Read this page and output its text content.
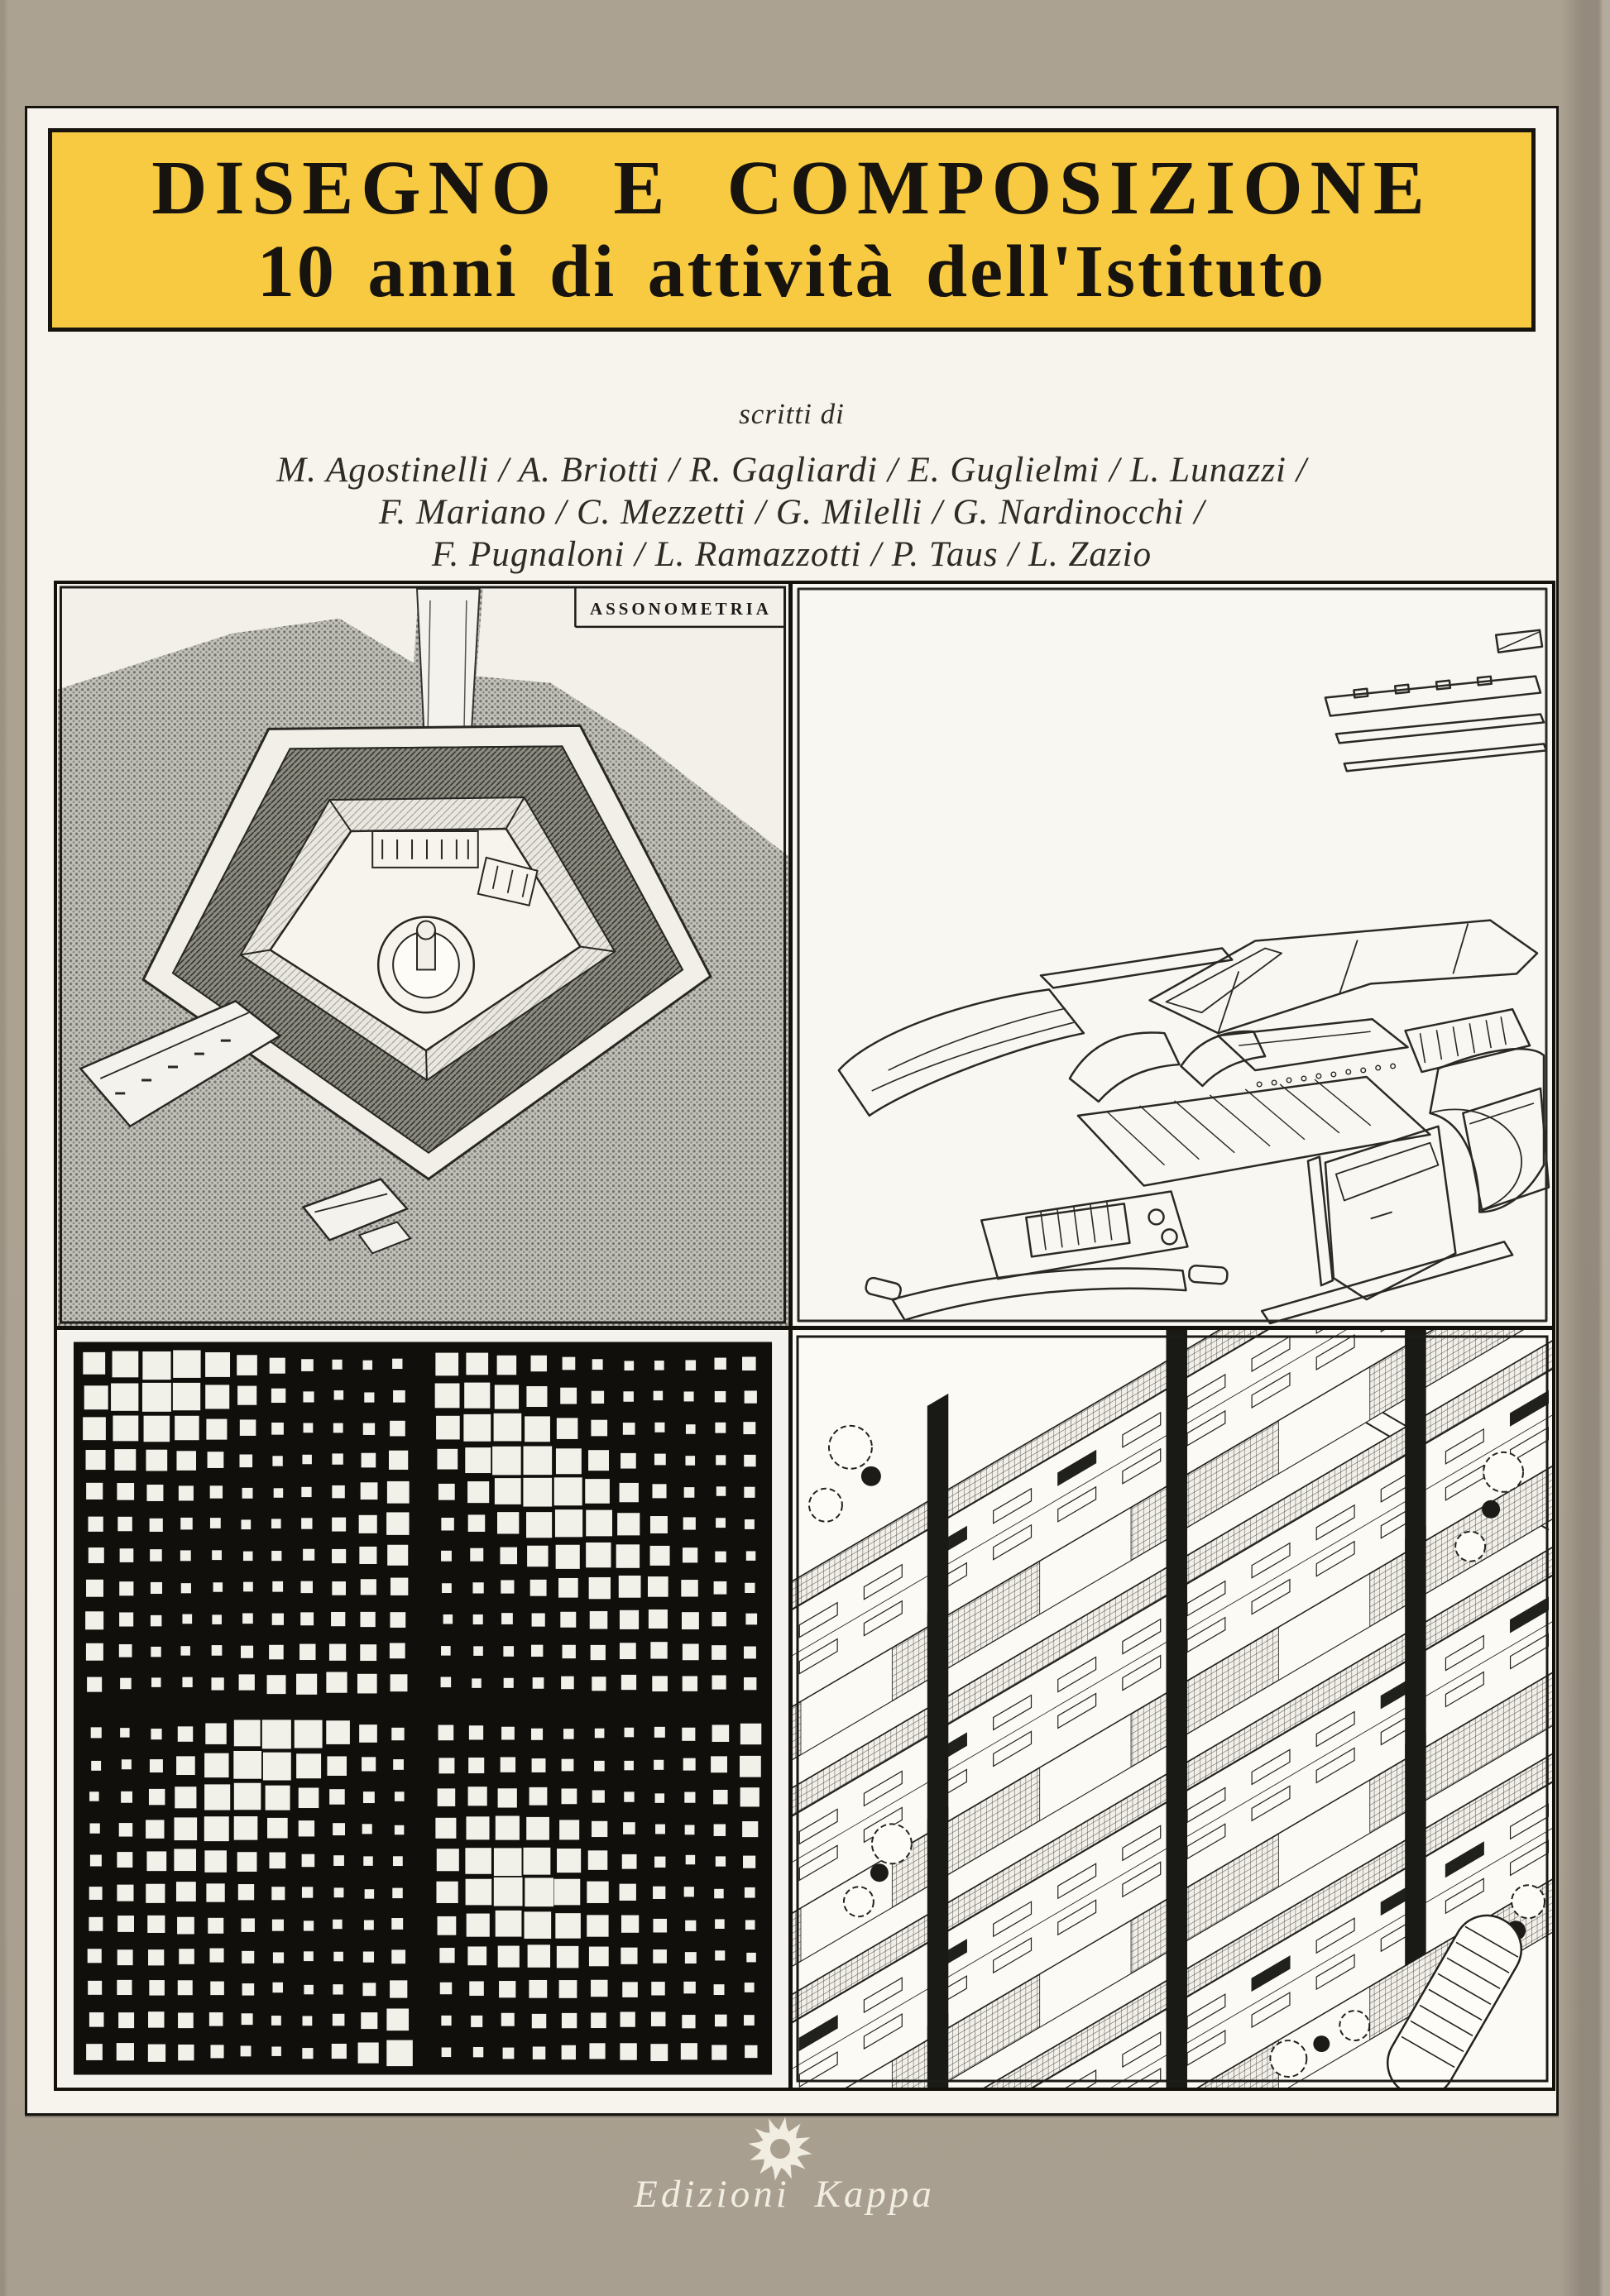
DISEGNO E COMPOSIZIONE
10 anni di attività dell'Istituto
scritti di
M. Agostinelli / A. Briotti / R. Gagliardi / E. Guglielmi / L. Lunazzi /
F. Mariano / C. Mezzetti / G. Milelli / G. Nardinocchi /
F. Pugnaloni / L. Ramazzotti / P. Taus / L. Zazio
ASSONOMETRIA
Edizioni Kappa
